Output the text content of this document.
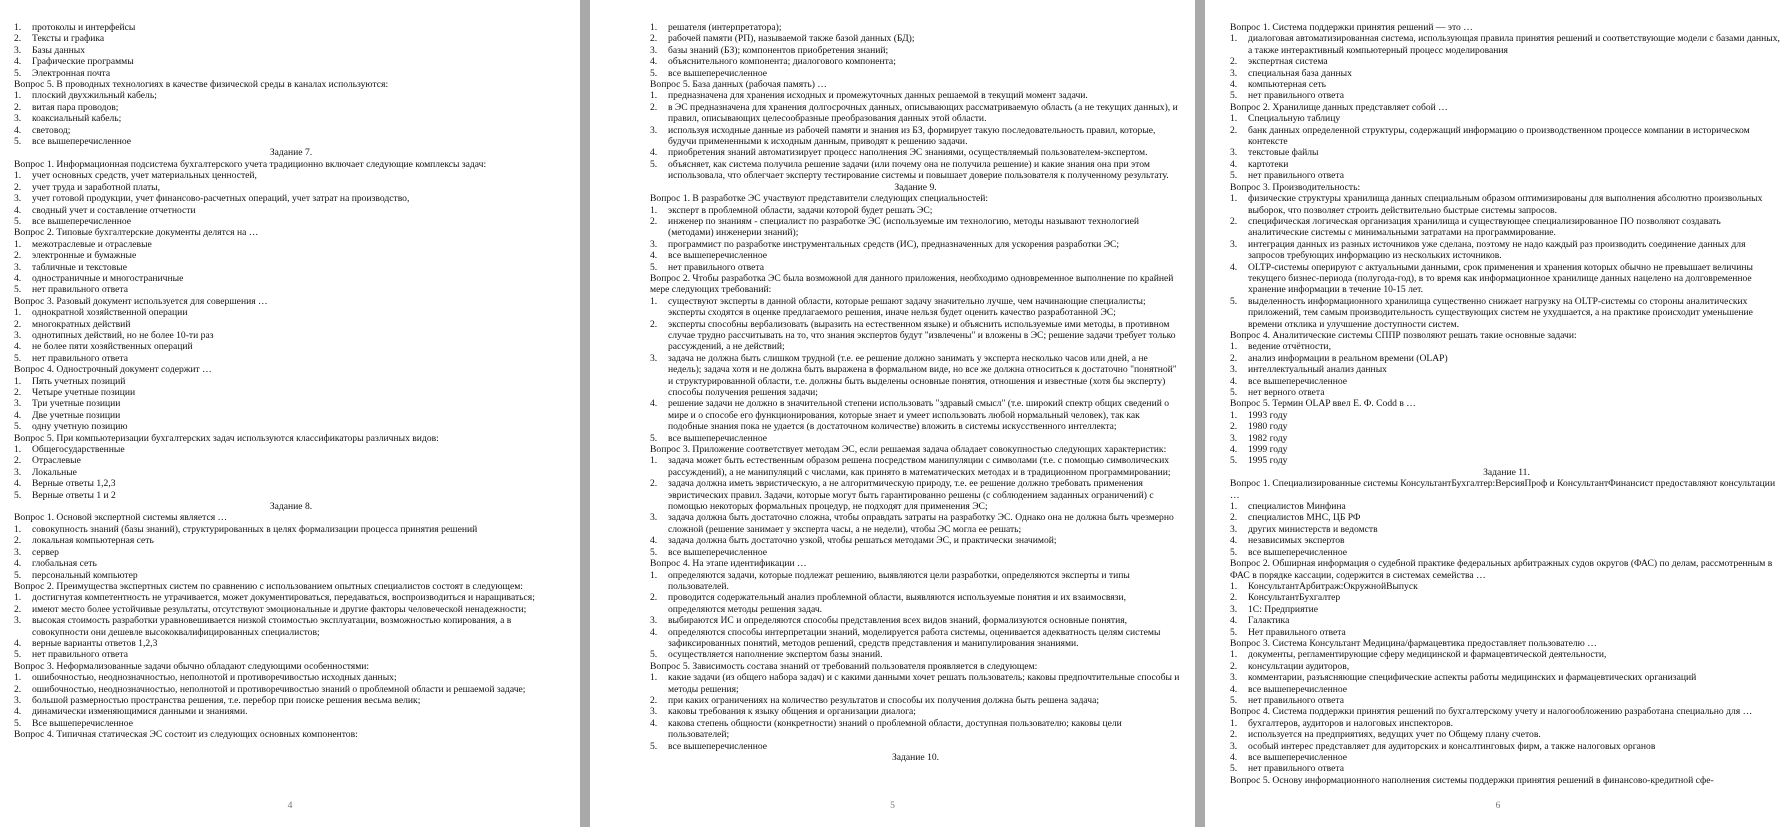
1.	протоколы и интерфейсы
2.	Тексты и графика
3.	Базы данных
4.	Графические программы
5.	Электронная почта
Вопрос 5. В проводных технологиях в качестве физической среды в каналах используются:
1.	плоский двухжильный кабель;
2.	витая пара проводов;
3.	коаксиальный кабель;
4.	световод;
5.	все вышеперечисленное
Задание 7.
Вопрос 1. Информационная подсистема бухгалтерского учета традиционно включает следующие комплексы задач:
1.	учет основных средств, учет материальных ценностей,
2.	учет труда и заработной платы,
3.	учет готовой продукции, учет финансово-расчетных операций, учет затрат на производство,
4.	сводный учет и составление отчетности
5.	все вышеперечисленное
Вопрос 2. Типовые бухгалтерские документы делятся на …
1.	межотраслевые и отраслевые
2.	электронные и бумажные
3.	табличные и текстовые
4.	одностраничные и многостраничные
5.	нет правильного ответа
Вопрос 3. Разовый документ используется для совершения …
1.	однократной хозяйственной операции
2.	многократных действий
3.	однотипных действий, но не более 10-ти раз
4.	не более пяти хозяйственных операций
5.	нет правильного ответа
Вопрос 4. Однострочный документ содержит …
1.	Пять учетных позиций
2.	Четыре учетные позиции
3.	Три учетные позиции
4.	Две учетные позиции
5.	одну учетную позицию
Вопрос 5. При компьютеризации бухгалтерских задач используются классификаторы различных видов:
1.	Общегосударственные
2.	Отраслевые
3.	Локальные
4.	Верные ответы 1,2,3
5.	Верные ответы 1 и 2
Задание 8.
Вопрос 1. Основой экспертной системы является …
1.	совокупность знаний (базы знаний), структурированных в целях формализации процесса принятия решений
2.	локальная компьютерная сеть
3.	сервер
4.	глобальная сеть
5.	персональный компьютер
Вопрос 2. Преимущества экспертных систем по сравнению с использованием опытных специалистов состоят в следующем:
1.	достигнутая компетентность не утрачивается, может документироваться, передаваться, воспроизводиться и наращиваться;
2.	имеют место более устойчивые результаты, отсутствуют эмоциональные и другие факторы человеческой ненадежности;
3.	высокая стоимость разработки уравновешивается низкой стоимостью эксплуатации, возможностью копирования, а в совокупности они дешевле высококвалифицированных специалистов;
4.	верные варианты ответов 1,2,3
5.	нет правильного ответа
Вопрос 3. Неформализованные задачи обычно обладают следующими особенностями:
1.	ошибочностью, неоднозначностью, неполнотой и противоречивостью исходных данных;
2.	ошибочностью, неоднозначностью, неполнотой и противоречивостью знаний о проблемной области и решаемой задаче;
3.	большой размерностью пространства решения, т.е. перебор при поиске решения весьма велик;
4.	динамически изменяющимися данными и знаниями.
5.	Все вышеперечисленное
Вопрос 4. Типичная статическая ЭС состоит из следующих основных компонентов:
4
1.	решателя (интерпретатора);
2.	рабочей памяти (РП), называемой также базой данных (БД);
3.	базы знаний (БЗ); компонентов приобретения знаний;
4.	объяснительного компонента; диалогового компонента;
5.	все вышеперечисленное
Вопрос 5. База данных (рабочая память) …
1.	предназначена для хранения исходных и промежуточных данных решаемой в текущий момент задачи.
2.	в ЭС предназначена для хранения долгосрочных данных, описывающих рассматриваемую область (а не текущих данных), и правил, описывающих целесообразные преобразования данных этой области.
3.	используя исходные данные из рабочей памяти и знания из БЗ, формирует такую последовательность правил, которые, будучи примененными к исходным данным, приводят к решению задачи.
4.	приобретения знаний автоматизирует процесс наполнения ЭС знаниями, осуществляемый пользователем-экспертом.
5.	объясняет, как система получила решение задачи (или почему она не получила решение) и какие знания она при этом использовала, что облегчает эксперту тестирование системы и повышает доверие пользователя к полученному результату.
Задание 9.
Вопрос 1. В разработке ЭС участвуют представители следующих специальностей:
1.	эксперт в проблемной области, задачи которой будет решать ЭС;
2.	инженер по знаниям - специалист по разработке ЭС (используемые им технологию, методы называют технологией (методами) инженерии знаний);
3.	программист по разработке инструментальных средств (ИС), предназначенных для ускорения разработки ЭС;
4.	все вышеперечисленное
5.	нет правильного ответа
Вопрос 2. Чтобы разработка ЭС была возможной для данного приложения, необходимо одновременное выполнение по крайней мере следующих требований:
1.	существуют эксперты в данной области, которые решают задачу значительно лучше, чем начинающие специалисты; эксперты сходятся в оценке предлагаемого решения, иначе нельзя будет оценить качество разработанной ЭС;
2.	эксперты способны вербализовать (выразить на естественном языке) и объяснить используемые ими методы, в противном случае трудно рассчитывать на то, что знания экспертов будут "извлечены" и вложены в ЭС; решение задачи требует только рассуждений, а не действий;
3.	задача не должна быть слишком трудной (т.е. ее решение должно занимать у эксперта несколько часов или дней, а не недель); задача хотя и не должна быть выражена в формальном виде, но все же должна относиться к достаточно "понятной" и структурированной области, т.е. должны быть выделены основные понятия, отношения и известные (хотя бы эксперту) способы получения решения задачи;
4.	решение задачи не должно в значительной степени использовать "здравый смысл" (т.е. широкий спектр общих сведений о мире и о способе его функционирования, которые знает и умеет использовать любой нормальный человек), так как подобные знания пока не удается (в достаточном количестве) вложить в системы искусственного интеллекта;
5.	все вышеперечисленное
Вопрос 3. Приложение соответствует методам ЭС, если решаемая задача обладает совокупностью следующих характеристик:
1.	задача может быть естественным образом решена посредством манипуляции с символами (т.е. с помощью символических рассуждений), а не манипуляций с числами, как принято в математических методах и в традиционном программировании;
2.	задача должна иметь эвристическую, а не алгоритмическую природу, т.е. ее решение должно требовать применения эвристических правил. Задачи, которые могут быть гарантированно решены (с соблюдением заданных ограничений) с помощью некоторых формальных процедур, не подходят для применения ЭС;
3.	задача должна быть достаточно сложна, чтобы оправдать затраты на разработку ЭС. Однако она не должна быть чрезмерно сложной (решение занимает у эксперта часы, а не недели), чтобы ЭС могла ее решать;
4.	задача должна быть достаточно узкой, чтобы решаться методами ЭС, и практически значимой;
5.	все вышеперечисленное
Вопрос 4. На этапе идентификации …
1.	определяются задачи, которые подлежат решению, выявляются цели разработки, определяются эксперты и типы пользователей.
2.	проводится содержательный анализ проблемной области, выявляются используемые понятия и их взаимосвязи, определяются методы решения задач.
3.	выбираются ИС и определяются способы представления всех видов знаний, формализуются основные понятия,
4.	определяются способы интерпретации знаний, моделируется работа системы, оценивается адекватность целям системы зафиксированных понятий, методов решений, средств представления и манипулирования знаниями.
5.	осуществляется наполнение экспертом базы знаний.
Вопрос 5. Зависимость состава знаний от требований пользователя проявляется в следующем:
1.	какие задачи (из общего набора задач) и с какими данными хочет решать пользователь; каковы предпочтительные способы и методы решения;
2.	при каких ограничениях на количество результатов и способы их получения должна быть решена задача;
3.	каковы требования к языку общения и организации диалога;
4.	какова степень общности (конкретности) знаний о проблемной области, доступная пользователю; каковы цели пользователей;
5.	все вышеперечисленное
Задание 10.
5
Вопрос 1. Система поддержки принятия решений — это …
1.	диалоговая автоматизированная система, использующая правила принятия решений и соответствующие модели с базами данных, а также интерактивный компьютерный процесс моделирования
2.	экспертная система
3.	специальная база данных
4.	компьютерная сеть
5.	нет правильного ответа
Вопрос 2. Хранилище данных представляет собой …
1.	Специальную таблицу
2.	банк данных определенной структуры, содержащий информацию о производственном процессе компании в историческом контексте
3.	текстовые файлы
4.	картотеки
5.	нет правильного ответа
Вопрос 3. Производительность:
1.	физические структуры хранилища данных специальным образом оптимизированы для выполнения абсолютно произвольных выборок, что позволяет строить действительно быстрые системы запросов.
2.	специфическая логическая организация хранилища и существующее специализированное ПО позволяют создавать аналитические системы с минимальными затратами на программирование.
3.	интеграция данных из разных источников уже сделана, поэтому не надо каждый раз производить соединение данных для запросов требующих информацию из нескольких источников.
4.	OLTP-системы оперируют с актуальными данными, срок применения и хранения которых обычно не превышает величины текущего бизнес-периода (полугода-год), в то время как информационное хранилище данных нацелено на долговременное хранение информации в течение 10-15 лет.
5.	выделенность информационного хранилища существенно снижает нагрузку на OLTP-системы со стороны аналитических приложений, тем самым производительность существующих систем не ухудшается, а на практике происходит уменьшение времени отклика и улучшение доступности систем.
Вопрос 4. Аналитические системы СППР позволяют решать такие основные задачи:
1.	ведение отчётности,
2.	анализ информации в реальном времени (OLAP)
3.	интеллектуальный анализ данных
4.	все вышеперечисленное
5.	нет верного ответа
Вопрос 5. Термин OLAP ввел Е. Ф. Codd в …
1.	1993 году
2.	1980 году
3.	1982 году
4.	1999 году
5.	1995 году
Задание 11.
Вопрос 1. Специализированные системы КонсультантБухгалтер:ВерсияПроф и КонсультантФинансист предоставляют консультации …
1.	специалистов Минфина
2.	специалистов МНС, ЦБ РФ
3.	других министерств и ведомств
4.	независимых экспертов
5.	все вышеперечисленное
Вопрос 2. Обширная информация о судебной практике федеральных арбитражных судов округов (ФАС) по делам, рассмотренным в ФАС в порядке кассации, содержится в системах семейства …
1.	КонсультантАрбитраж:ОкружнойВыпуск
2.	КонсультантБухгалтер
3.	1С: Предприятие
4.	Галактика
5.	Нет правильного ответа
Вопрос 3. Система Консультант Медицина/фармацевтика предоставляет пользователю …
1.	документы, регламентирующие сферу медицинской и фармацевтической деятельности,
2.	консультации аудиторов,
3.	комментарии, разъясняющие специфические аспекты работы медицинских и фармацевтических организаций
4.	все вышеперечисленное
5.	нет правильного ответа
Вопрос 4. Система поддержки принятия решений по бухгалтерскому учету и налогообложению разработана специально для …
1.	бухгалтеров, аудиторов и налоговых инспекторов.
2.	используется на предприятиях, ведущих учет по Общему плану счетов.
3.	особый интерес представляет для аудиторских и консалтинговых фирм, а также налоговых органов
4.	все вышеперечисленное
5.	нет правильного ответа
Вопрос 5. Основу информационного наполнения системы поддержки принятия решений в финансово-кредитной сфе-
6
